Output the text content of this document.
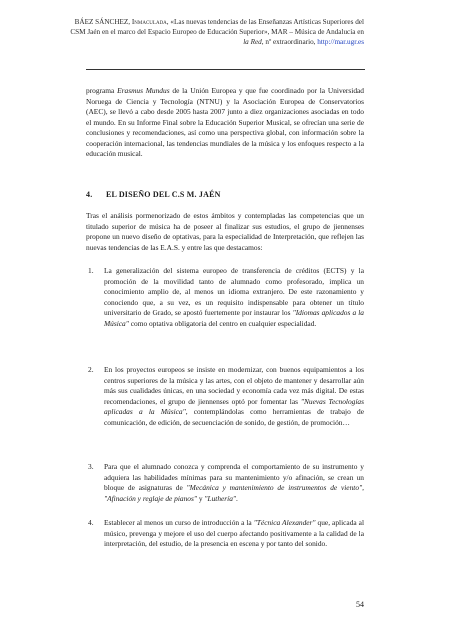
BÁEZ SÁNCHEZ, Inmaculada, «Las nuevas tendencias de las Enseñanzas Artísticas Superiores del
CSM Jaén en el marco del Espacio Europeo de Educación Superior», MAR – Música de Andalucía en
la Red, nº extraordinario, http://mar.ugr.es
programa Erasmus Mundus de la Unión Europea y que fue coordinado por la Universidad Noruega de Ciencia y Tecnología (NTNU) y la Asociación Europea de Conservatorios (AEC), se llevó a cabo desde 2005 hasta 2007 junto a diez organizaciones asociadas en todo el mundo. En su Informe Final sobre la Educación Superior Musical, se ofrecían una serie de conclusiones y recomendaciones, así como una perspectiva global, con información sobre la cooperación internacional, las tendencias mundiales de la música y los enfoques respecto a la educación musical.
4. EL DISEÑO DEL C.S M. JAÉN
Tras el análisis pormenorizado de estos ámbitos y contempladas las competencias que un titulado superior de música ha de poseer al finalizar sus estudios, el grupo de jiennenses propone un nuevo diseño de optativas, para la especialidad de Interpretación, que reflejen las nuevas tendencias de las E.A.S. y entre las que destacamos:
1.	La generalización del sistema europeo de transferencia de créditos (ECTS) y la promoción de la movilidad tanto de alumnado como profesorado, implica un conocimiento amplio de, al menos un idioma extranjero. De este razonamiento y conociendo que, a su vez, es un requisito indispensable para obtener un título universitario de Grado, se apostó fuertemente por instaurar los "Idiomas aplicados a la Música" como optativa obligatoria del centro en cualquier especialidad.
2.	En los proyectos europeos se insiste en modernizar, con buenos equipamientos a los centros superiores de la música y las artes, con el objeto de mantener y desarrollar aún más sus cualidades únicas, en una sociedad y economía cada vez más digital. De estas recomendaciones, el grupo de jiennenses optó por fomentar las "Nuevas Tecnologías aplicadas a la Música", contemplándolas como herramientas de trabajo de comunicación, de edición, de secuenciación de sonido, de gestión, de promoción…
3.	Para que el alumnado conozca y comprenda el comportamiento de su instrumento y adquiera las habilidades mínimas para su mantenimiento y/o afinación, se crean un bloque de asignaturas de "Mecánica y mantenimiento de instrumentos de viento", "Afinación y reglaje de pianos" y "Luthería".
4.	Establecer al menos un curso de introducción a la "Técnica Alexander" que, aplicada al músico, prevenga y mejore el uso del cuerpo afectando positivamente a la calidad de la interpretación, del estudio, de la presencia en escena y por tanto del sonido.
54
